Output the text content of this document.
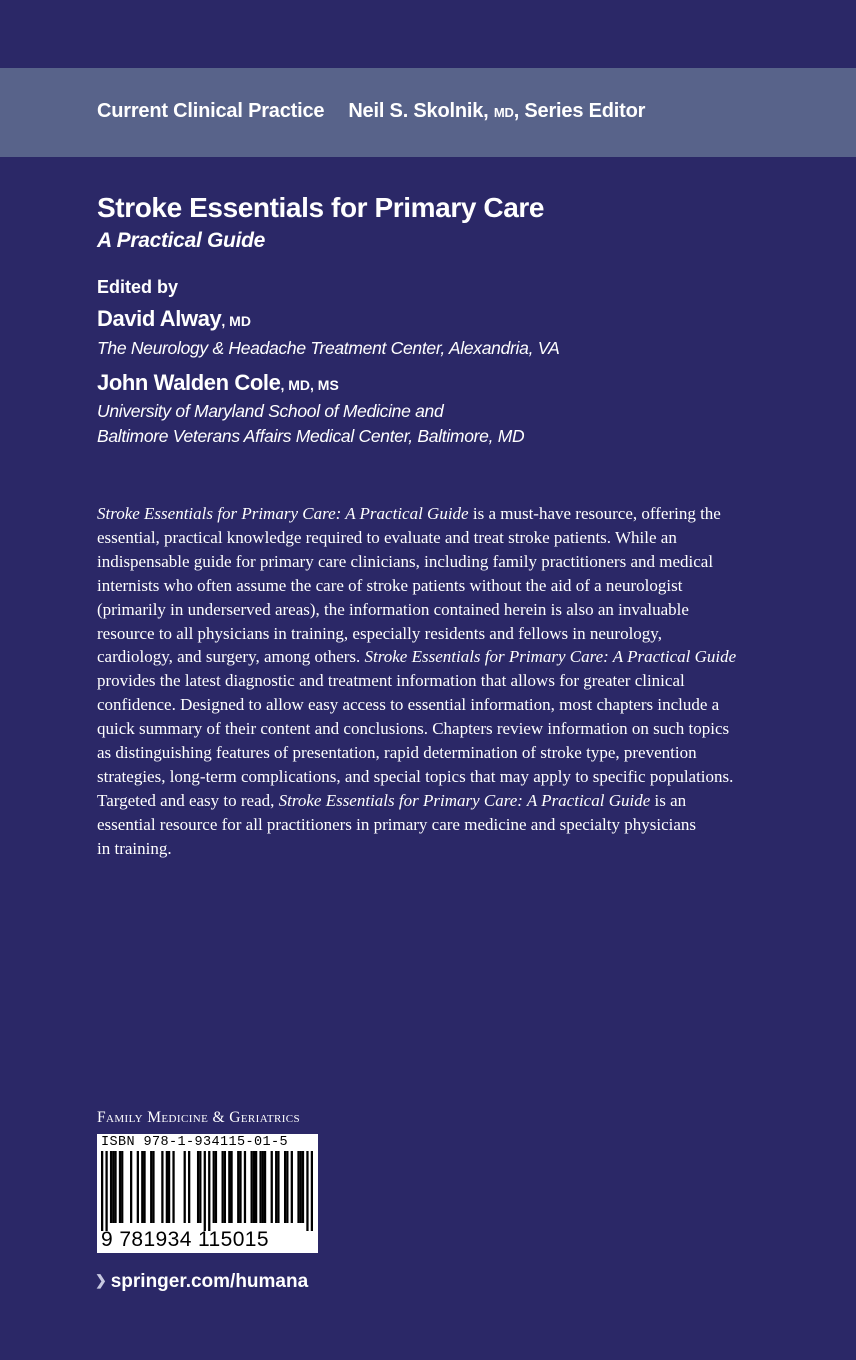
Current Clinical Practice Neil S. Skolnik, MD, Series Editor
Stroke Essentials for Primary Care
A Practical Guide
Edited by
David Alway, MD
The Neurology & Headache Treatment Center, Alexandria, VA
John Walden Cole, MD, MS
University of Maryland School of Medicine and
Baltimore Veterans Affairs Medical Center, Baltimore, MD
Stroke Essentials for Primary Care: A Practical Guide is a must-have resource, offering the
essential, practical knowledge required to evaluate and treat stroke patients. While an
indispensable guide for primary care clinicians, including family practitioners and medical
internists who often assume the care of stroke patients without the aid of a neurologist
(primarily in underserved areas), the information contained herein is also an invaluable
resource to all physicians in training, especially residents and fellows in neurology,
cardiology, and surgery, among others. Stroke Essentials for Primary Care: A Practical Guide
provides the latest diagnostic and treatment information that allows for greater clinical
confidence. Designed to allow easy access to essential information, most chapters include a
quick summary of their content and conclusions. Chapters review information on such topics
as distinguishing features of presentation, rapid determination of stroke type, prevention
strategies, long-term complications, and special topics that may apply to specific populations.
Targeted and easy to read, Stroke Essentials for Primary Care: A Practical Guide is an
essential resource for all practitioners in primary care medicine and specialty physicians
in training.
Family Medicine & Geriatrics
ISBN 978-1-934115-01-5
9 781934 115015
❯ springer.com/humana
